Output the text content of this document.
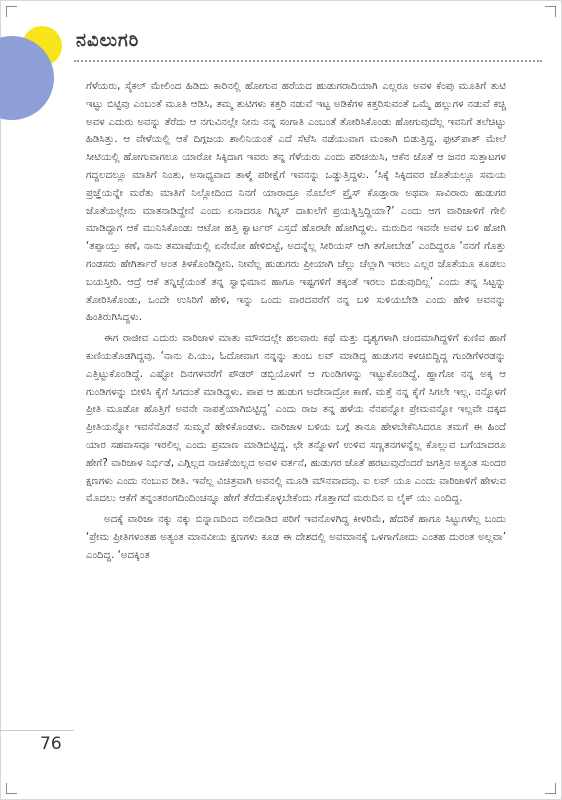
ನವಿಲುಗರಿ

ಗೆಳೆಯರು, ಸೈಕಲ್ ಮೇಲಿಂದ ಹಿಡಿದು ಕಾರಿನಲ್ಲಿ ಹೋಗುವ ಹರೆಯದ ಹುಡುಗರಾದಿಯಾಗಿ ಎಲ್ಲರೂ ಅವಳ ಕೆಂಪು ಮೂತಿಗೆ ತುಟಿ ಇಟ್ಟು ಬಿಟ್ಟಿವು ಎಂಬಂತೆ ಮೂತಿ ಆಡಿಸಿ, ತಮ್ಮ ತುಟಿಗಳು ಕತ್ತರಿ ನಡುವೆ ಇಟ್ಟ ಅಡಿಕೆಗಳ ಕತ್ತರಿಸುವಂತೆ ಒಮ್ಮೆ ಹಲ್ಲುಗಳ ನಡುವೆ ಕಚ್ಚಿ ಅವಳ ಎದುರು ಅವನ್ನು ತೆರೆದು ಆ ನಗುವಿನಲ್ಲೇ ನೀನು ನನ್ನ ಸಂಗಾತಿ ಎಂಬಂತೆ ತೋರಿಸಿಕೊಂಡು ಹೋಗುವುದೆಲ್ಲ ಇವನಿಗೆ ತಲೆಚಿಟ್ಟು ಹಿಡಿಸಿತ್ತು. ಆ ವೇಳೆಯಲ್ಲಿ ಆಕೆ ದಿಗ್ಗಜಯ ಶಾಲಿನಿಯಂತೆ ಎದೆ ಸೆಟೆಸಿ ನಡೆಯುವಾಗ ಮಂಕಾಗಿ ಬಿಡುತ್ತಿದ್ದ. ಫುಟ್‌ಪಾತ್ ಮೇಲೆ ಸೀಟಿಯಲ್ಲಿ ಹೋಗುವಾಗಲೂ ಯಾರೋ ಸಿಕ್ಕಿದಾಗ ಇವರು ತನ್ನ ಗೆಳೆಯರು ಎಂದು ಪರಿಚಯಿಸಿ, ಆಕೆನ ಜೊತೆ ಆ ಜನರ ಸುತ್ತಾಟಗಳ ಗದ್ದಲದಲ್ಲೂ ಮಾತಿಗೆ ನಿಂತು, ಅಸಾಧ್ಯವಾದ ತಾಳ್ಮೆ ಪರೀಕ್ಷೆಗೆ ಇವನನ್ನು ಒಡ್ಡುತ್ತಿದ್ದಳು. ‘ಸಿಕ್ಕೆ ಸಿಕ್ಕಿದವರ ಜೊತೆಯಲ್ಲೂ ಸಮಯ ಪ್ರಜ್ಞೆಯನ್ನೇ ಮರೆತು ಮಾತಿಗೆ ನಿಲ್ಲೋದಿಂದ ನಿನಗೆ ಯಾರಾದ್ರೂ ನೊಬೆಲ್ ಪ್ರೈಸ್ ಕೊಡ್ತಾರಾ ಅಥವಾ ಸಾವಿರಾರು ಹುಡುಗರ ಜೊತೆಯಲ್ಲೇನು ಮಾತನಾಡಿದ್ದೇನೆ ಎಂದು ಏನಾದರೂ ಗಿನ್ನಿಸ್ ದಾಖಲೆಗೆ ಪ್ರಯತ್ನಿಸ್ತಿದ್ದಿಯಾ?’ ಎಂದು ಆಗ ವಾರಿಜಾಳಿಗೆ ಗೇಲಿ ಮಾಡಿದ್ದಾಗ ಆಕೆ ಮುನಿಸಿಕೊಂಡು ಆಟೋ ಹತ್ತಿ ಕ್ವಾರ್ಟರ್ ಎಸ್ತದೆ ಹೊರಟೇ ಹೋಗಿದ್ದಳು. ಮರುದಿನ ಇವನೇ ಅವಳ ಬಳಿ ಹೋಗಿ ‘ತಪ್ಪಾಯ್ತು ಕಣೆ, ನಾನು ತಮಾಷೆಯಲ್ಲಿ ಏನೇನೋ ಹೇಳಿಬಿಟ್ಟೆ, ಅದನ್ನೆಲ್ಲ ಸೀರಿಯಸ್ ಆಗಿ ತಗೋಬೇಡ’ ಎಂದಿದ್ದರೂ ‘ನನಗೆ ಗೊತ್ತು ಗಂಡಸರು ಹೇಗಿರ್ತಾರೆ ಅಂತ ತಿಳಕೊಂಡಿದ್ದೀನಿ. ನೀವೆಲ್ಲ ಹುಡುಗರು ಪ್ರೀಯಾಗಿ ಚೆಲ್ಲು ಚೆಲ್ಲಾಗಿ ಇರಲು ಎಲ್ಲರ ಜೊತೆಯೂ ಕೂಡಲು ಬಯಸ್ತೀರಿ. ಆದ್ರೆ ಆಕೆ ತನ್ನಿಚ್ಛೆಯಂತೆ ತನ್ನ ಸ್ವಾಭಿಮಾನ ಹಾಗೂ ಇಷ್ಟಗಳಿಗೆ ತಕ್ಕಂತೆ ಇರಲು ಬಿಡುವುದಿಲ್ಲ’ ಎಂದು ತನ್ನ ಸಿಟ್ಟನ್ನು ತೋರಿಸಿಕೊಂಡು, ಒಂದೇ ಉಸಿರಿಗೆ ಹೇಳಿ, ಇನ್ನು ಒಂದು ವಾರದವರೆಗೆ ನನ್ನ ಬಳಿ ಸುಳಿಯಬೇಡಿ ಎಂದು ಹೇಳಿ ಅವನನ್ನು ಹಿಂತಿರುಗಿಸಿದ್ದಳು.

ಈಗ ರಾಜೀವ ಎದುರು ವಾರಿಜಾಳ ಮಾತು ಮೌನದಲ್ಲೇ ಹಲವಾರು ಕಥೆ ಮತ್ತು ದೃಶ್ಯಗಳಾಗಿ ಚಂದಮಾಗಿದ್ದಳಿಗೆ ಕುಣಿವ ಹಾಗೆ ಕುಣಿಯತೊಡಗಿದ್ದವು. ‘ನಾನು ಪಿ.ಯು, ಓದೋವಾಗ ನನ್ನನ್ನು ತುಂಬ ಲವ್ ಮಾಡಿದ್ದ ಹುಡುಗನ ಕಳಚಿಬಿದ್ದಿದ್ದ ಗುಂಡಿಗೆಳರಡನ್ನು ಎತ್ತಿಟ್ಟುಕೊಂಡಿದ್ದೆ. ಎಷ್ಟೋ ದಿನಗಳವರೆಗೆ ಪೌಡರ್ ಡಬ್ಬಿಯೊಳಗೆ ಆ ಗುಂಡಿಗಳನ್ನು ಇಟ್ಟುಕೊಂಡಿದ್ದೆ. ಹ್ಹಾಗೋ ನನ್ನ ಅಕ್ಕ ಆ ಗುಂಡಿಗಳನ್ನು ಬೀಳಿಸಿ ಕೈಗೆ ಸಿಗದಂತೆ ಮಾಡಿದ್ದಳು. ಪಾಪ ಆ ಹುಡುಗ ಅದೇನಾದ್ರೋ ಕಾಣೆ. ಮತ್ತೆ ನನ್ನ ಕೈಗೆ ಸಿಗಲೇ ಇಲ್ಲ. ನನ್ನೊಳಗೆ ಪ್ರೀತಿ ಮೂಡೋ ಹೊತ್ತಿಗೆ ಅವನೇ ನಾಪತ್ತೆಯಾಗಿಬಿಟ್ಟಿದ್ದ’ ಎಂದು ರಾಜ ತನ್ನ ಹಳೆಯ ನೆನಪನ್ನೋ ಪ್ರೇಮವನ್ನೋ ಇಲ್ಲವೇ ದಕ್ಕದ ಪ್ರೀತಿಯನ್ನೋ ಇವನೆನೊಡನೆ ಸುಮ್ಮನೆ ಹೇಳಿಕೊಂಡಳು. ವಾರಿಜಾಳ ಬಳಿಯ ಬಗ್ಗೆ ತಾನೂ ಹೇಳಬೇಕೆನಿಸಿದರೂ ತಮಗೆ ಈ ಹಿಂದೆ ಯಾರ ಸಹವಾಸವೂ ಇರಲಿಲ್ಲ ಎಂದು ಪ್ರಮಾಣ ಮಾಡಿಬಿಟ್ಟಿದ್ದ. ಛೇ ತನ್ನೊಳಗೆ ಉಳಿವ ಸಣ್ಣತನಗಳನ್ನೆಲ್ಲ ಕೊಲ್ಲುವ ಬಗೆಯಾದರೂ ಹೇಗೆ? ವಾರಿಜಾಳ ನಿರ್ಭಿಡೆ, ಎಗ್ಗಿಲ್ಲದ ನಾಚಿಕೆಯಿಲ್ಲದ ಅವಳ ವರ್ತನೆ, ಹುಡುಗರ ಜೊತೆ ಹರಟುವುದೆಂದರೆ ಜಗತ್ತಿನ ಅತ್ಯಂತ ಸುಂದರ ಕ್ಷಣಗಳು ಎಂದು ನಂಬುವ ರೀತಿ. ಇವೆಲ್ಲ ವಿಚಿತ್ರವಾಗಿ ಅವನಲ್ಲಿ ಮೂಡಿ ಮೌನವಾದವು. ಐ ಲವ್ ಯೂ ಎಂದು ವಾರಿಜಾಳಿಗೆ ಹೇಳುವ ಮೊದಲು ಆಕೆಗೆ ತನ್ನಂತರಂಗದಿಂದಿಂಚನ್ನೂ ಹೇಗೆ ತೆರೆದುಕೊಳ್ಳಬೇಕೆಂದು ಗೊತ್ತಾಗದೆ ಮರುದಿನ ಐ ಲೈಕ್ ಯು ಎಂದಿದ್ದ.

ಅದಕ್ಕೆ ವಾರಿಜಾ ನಕ್ಕು ನಕ್ಕು ಬಿನ್ನಾಣದಿಂದ ನಲಿದಾಡಿದ ಪರಿಗೆ ಇವನೊಳಗಿದ್ದ ಕೀಳರಿಮೆ, ಹೆದರಿಕೆ ಹಾಗೂ ಸಿಟ್ಟುಗಳೆಲ್ಲ ಬಂದು ‘ಪ್ರೇಮ ಪ್ರೀತಿಗಳಂತಹ ಅತ್ಯಂತ ಮಾನವೀಯ ಕ್ಷಣಗಳು ಕೂಡ ಈ ದೇಶದಲ್ಲಿ ಅವಮಾನಕ್ಕೆ ಒಳಗಾಗೋದು ಎಂತಹ ದುರಂತ ಅಲ್ಲವಾ’ ಎಂದಿದ್ದ. ‘ಅದಕ್ಕಿಂತ

76
